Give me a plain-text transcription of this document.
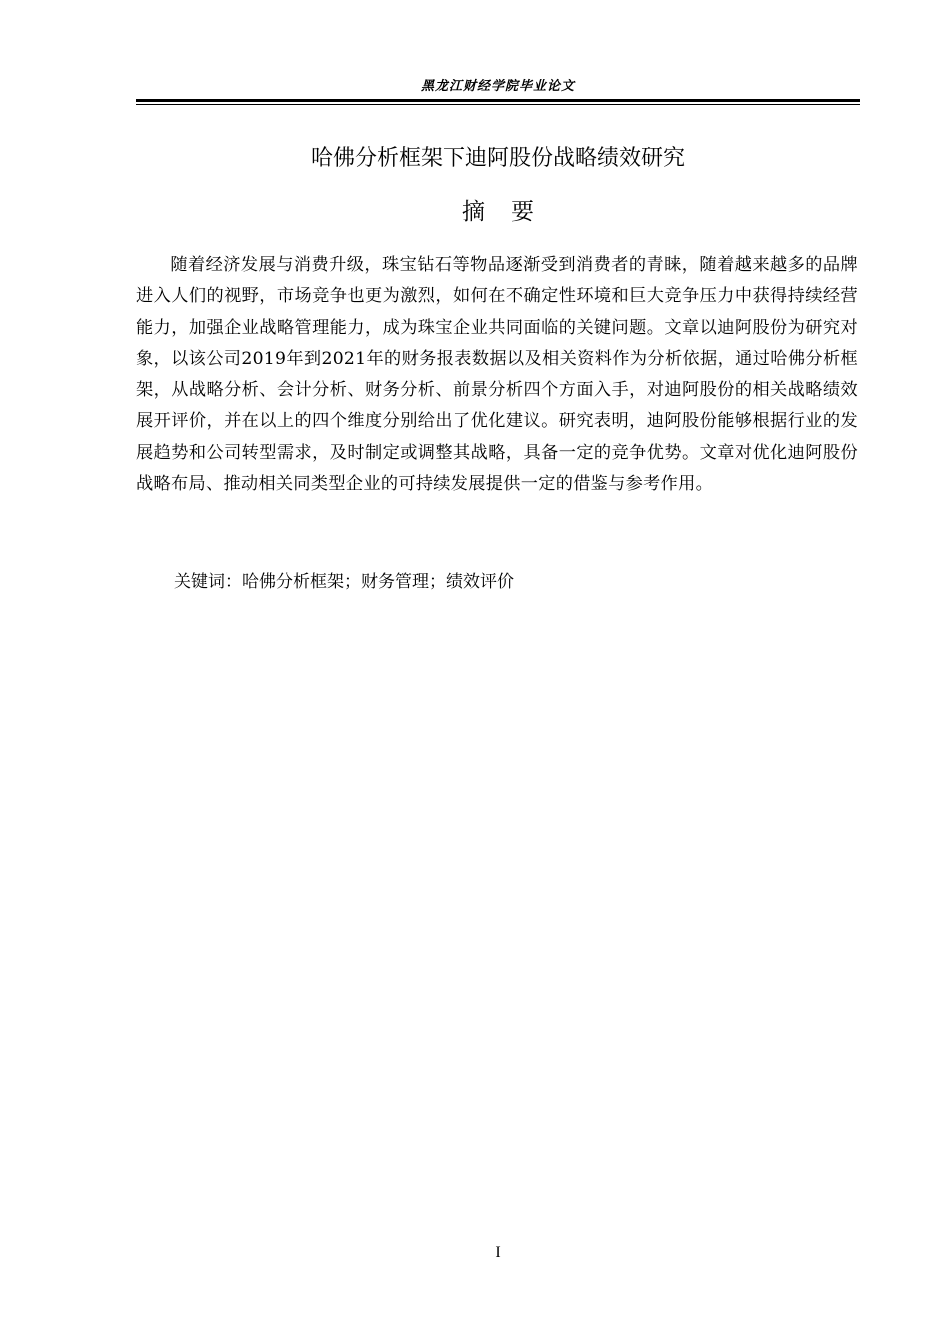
黑龙江财经学院毕业论文
哈佛分析框架下迪阿股份战略绩效研究
摘要

随着经济发展与消费升级，珠宝钻石等物品逐渐受到消费者的青睐，随着越来越多的品牌进入人们的视野，市场竞争也更为激烈，如何在不确定性环境和巨大竞争压力中获得持续经营能力，加强企业战略管理能力，成为珠宝企业共同面临的关键问题。文章以迪阿股份为研究对象，以该公司2019年到2021年的财务报表数据以及相关资料作为分析依据，通过哈佛分析框架，从战略分析、会计分析、财务分析、前景分析四个方面入手，对迪阿股份的相关战略绩效展开评价，并在以上的四个维度分别给出了优化建议。研究表明，迪阿股份能够根据行业的发展趋势和公司转型需求，及时制定或调整其战略，具备一定的竞争优势。文章对优化迪阿股份战略布局、推动相关同类型企业的可持续发展提供一定的借鉴与参考作用。

关键词：哈佛分析框架；财务管理；绩效评价
I
